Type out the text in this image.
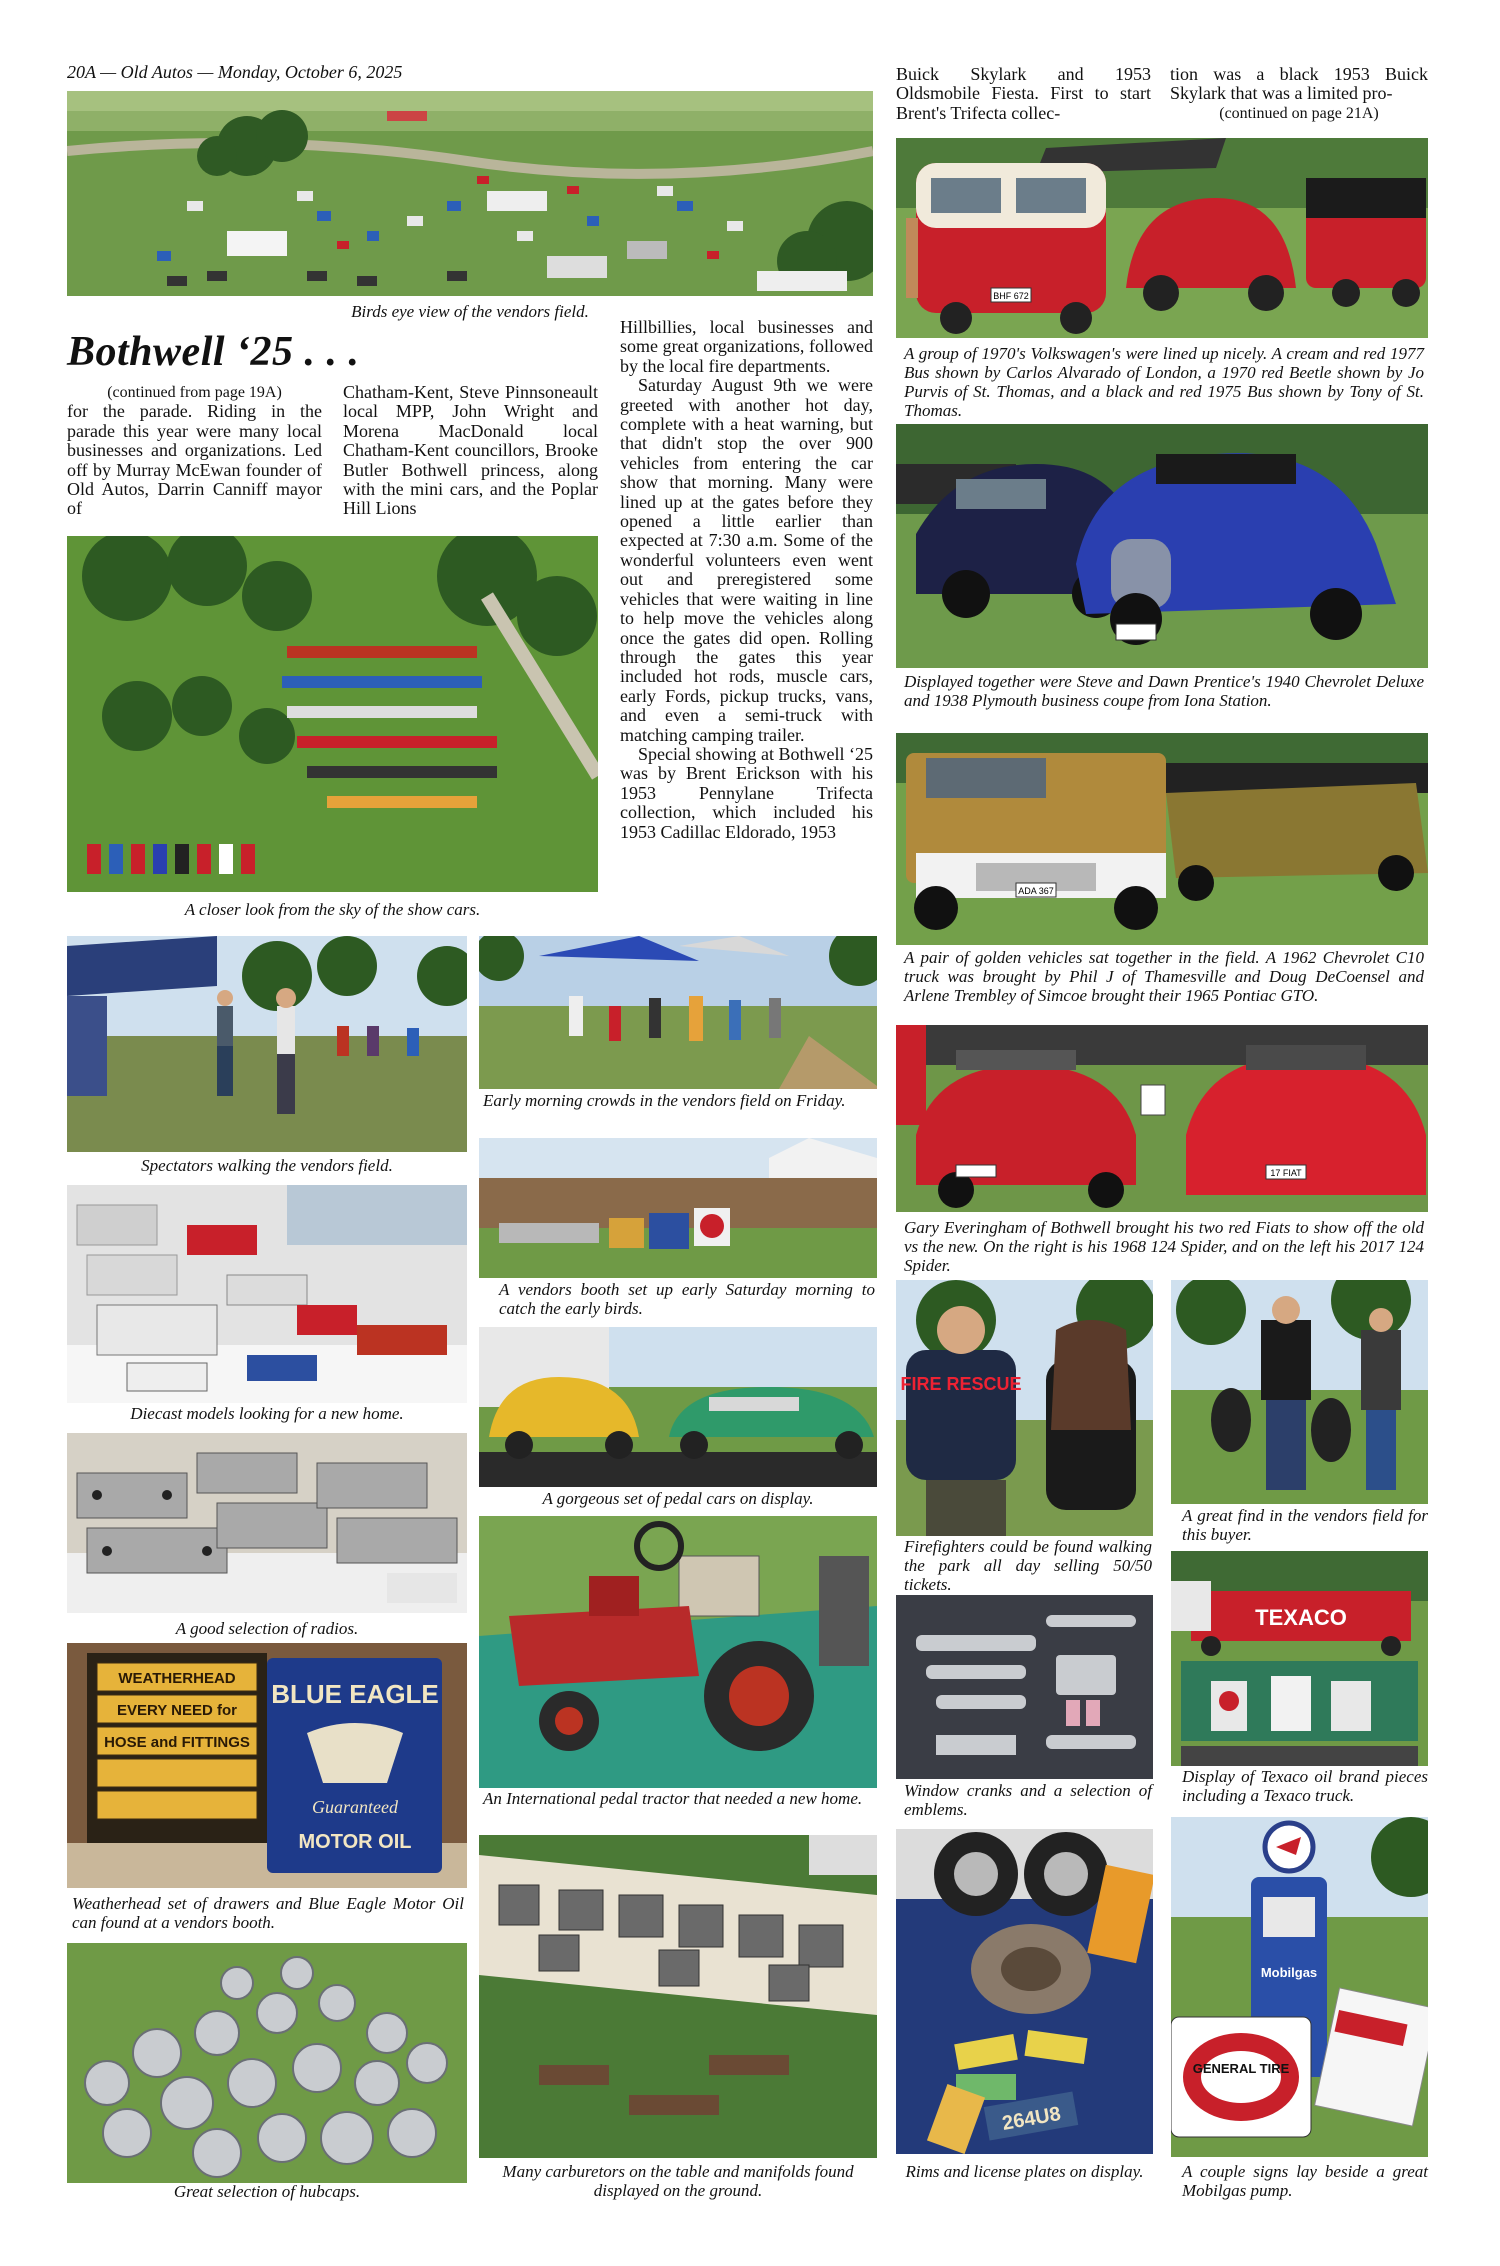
20A — Old Autos — Monday, October 6, 2025
Birds eye view of the vendors field.
Bothwell ‘25 . . .
(continued from page 19A)
for the parade. Riding in the parade this year were many local businesses and organizations. Led off by Murray McEwan founder of Old Autos, Darrin Canniff mayor of
Chatham-Kent, Steve Pinnsoneault local MPP, John Wright and Morena MacDonald local Chatham-Kent councillors, Brooke Butler Bothwell princess, along with the mini cars, and the Poplar Hill Lions

Hillbillies, local businesses and some great organizations, followed by the local fire departments.

Saturday August 9th we were greeted with another hot day, complete with a heat warning, but that didn't stop the over 900 vehicles from entering the car show that morning. Many were lined up at the gates before they opened a little earlier than expected at 7:30 a.m. Some of the wonderful volunteers even went out and preregistered some vehicles that were waiting in line to help move the vehicles along once the gates did open. Rolling through the gates this year included hot rods, muscle cars, early Fords, pickup trucks, vans, and even a semi-truck with matching camping trailer.

Special showing at Bothwell ‘25 was by Brent Erickson with his 1953 Pennylane Trifecta collection, which included his 1953 Cadillac Eldorado, 1953

Buick Skylark and 1953 Oldsmobile Fiesta. First to start Brent's Trifecta collec-
tion was a black 1953 Buick Skylark that was a limited pro-
(continued on page 21A)
A closer look from the sky of the show cars.
BHF 672
A group of 1970's Volkswagen's were lined up nicely. A cream and red 1977 Bus shown by Carlos Alvarado of London, a 1970 red Beetle shown by Jo Purvis of St. Thomas, and a black and red 1975 Bus shown by Tony of St. Thomas.
Displayed together were Steve and Dawn Prentice's 1940 Chevrolet Deluxe and 1938 Plymouth business coupe from Iona Station.
ADA 367
A pair of golden vehicles sat together in the field. A 1962 Chevrolet C10 truck was brought by Phil J of Thamesville and Doug DeCoensel and Arlene Trembley of Simcoe brought their 1965 Pontiac GTO.
17 FIAT
Gary Everingham of Bothwell brought his two red Fiats to show off the old vs the new. On the right is his 1968 124 Spider, and on the left his 2017 124 Spider.
Spectators walking the vendors field.
Early morning crowds in the vendors field on Friday.
A vendors booth set up early Saturday morning to catch the early birds.
Diecast models looking for a new home.
A gorgeous set of pedal cars on display.
A good selection of radios.
An International pedal tractor that needed a new home.
WEATHERHEAD EVERY NEED for HOSE and FITTINGS
BLUE EAGLE
Guaranteed
MOTOR OIL
Weatherhead set of drawers and Blue Eagle Motor Oil can found at a vendors booth.
Great selection of hubcaps.
Many carburetors on the table and manifolds found displayed on the ground.
FIRE RESCUE
Firefighters could be found walking the park all day selling 50/50 tickets.
A great find in the vendors field for this buyer.
Window cranks and a selection of emblems.
TEXACO
Display of Texaco oil brand pieces including a Texaco truck.
264U8
Rims and license plates on display.
Mobilgas
GENERAL TIRE
A couple signs lay beside a great Mobilgas pump.
